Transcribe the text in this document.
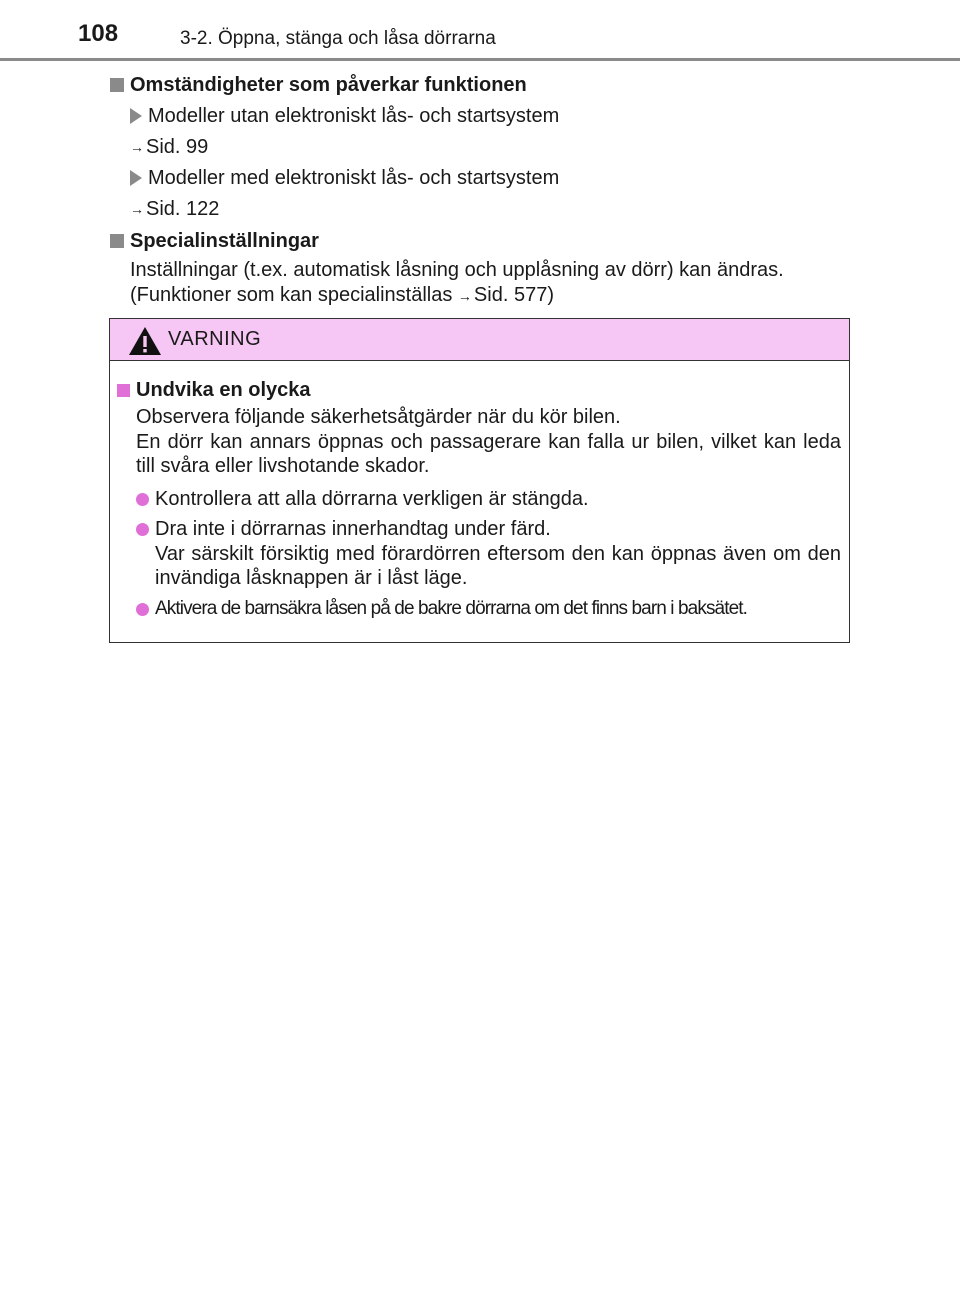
108	3-2. Öppna, stänga och låsa dörrarna
Omständigheter som påverkar funktionen
Modeller utan elektroniskt lås- och startsystem
→ Sid. 99
Modeller med elektroniskt lås- och startsystem
→ Sid. 122
Specialinställningar
Inställningar (t.ex. automatisk låsning och upplåsning av dörr) kan ändras.
(Funktioner som kan specialinställas → Sid. 577)
VARNING
Undvika en olycka
Observera följande säkerhetsåtgärder när du kör bilen.
En dörr kan annars öppnas och passagerare kan falla ur bilen, vilket kan leda till svåra eller livshotande skador.
Kontrollera att alla dörrarna verkligen är stängda.
Dra inte i dörrarnas innerhandtag under färd.
Var särskilt försiktig med förardörren eftersom den kan öppnas även om den invändiga låsknappen är i låst läge.
Aktivera de barnsäkra låsen på de bakre dörrarna om det finns barn i baksätet.
